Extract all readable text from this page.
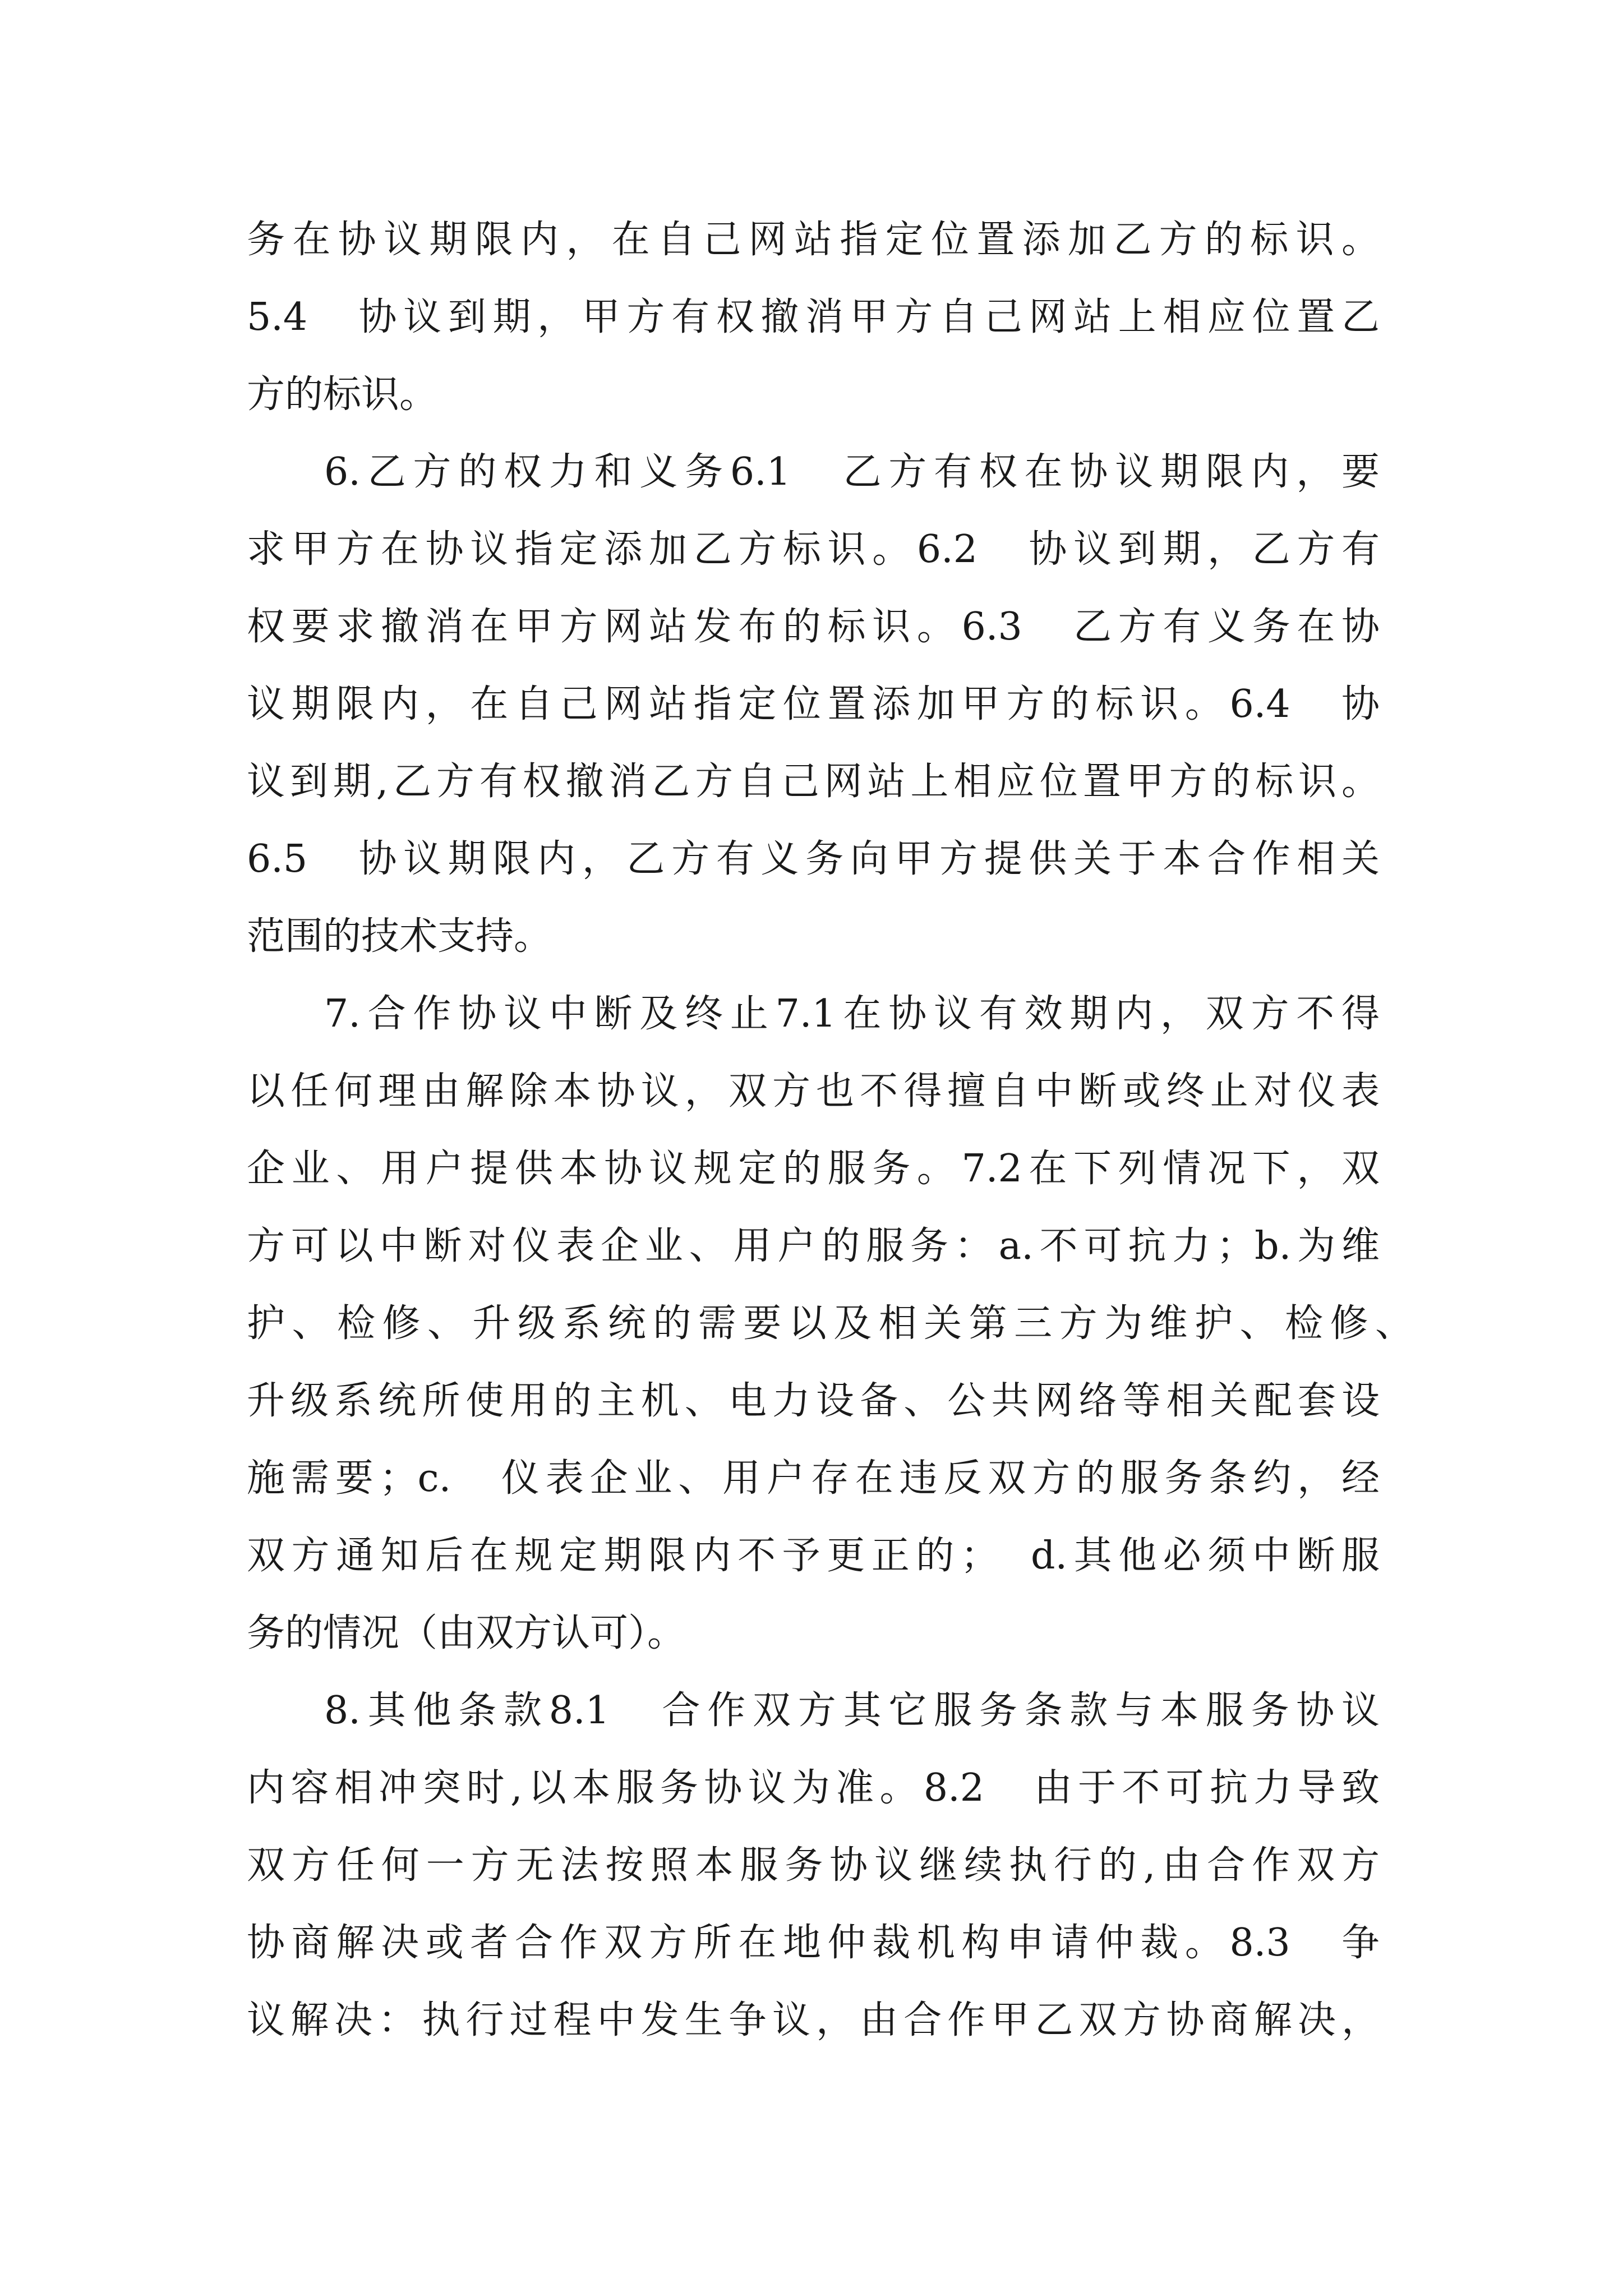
务在协议期限内，在自己网站指定位置添加乙方的标识。

5.4　协议到期，甲方有权撤消甲方自己网站上相应位置乙

方的标识。

6.乙方的权力和义务6.1　乙方有权在协议期限内，要

求甲方在协议指定添加乙方标识。6.2　协议到期，乙方有

权要求撤消在甲方网站发布的标识。6.3　乙方有义务在协

议期限内，在自己网站指定位置添加甲方的标识。6.4　协

议到期,乙方有权撤消乙方自己网站上相应位置甲方的标识。

6.5　协议期限内，乙方有义务向甲方提供关于本合作相关

范围的技术支持。

7.合作协议中断及终止7.1在协议有效期内，双方不得

以任何理由解除本协议，双方也不得擅自中断或终止对仪表

企业、用户提供本协议规定的服务。7.2在下列情况下，双

方可以中断对仪表企业、用户的服务：a.不可抗力；b.为维

护、检修、升级系统的需要以及相关第三方为维护、检修、

升级系统所使用的主机、电力设备、公共网络等相关配套设

施需要；c.　仪表企业、用户存在违反双方的服务条约，经

双方通知后在规定期限内不予更正的；　d.其他必须中断服

务的情况（由双方认可）。

8.其他条款8.1　合作双方其它服务条款与本服务协议

内容相冲突时,以本服务协议为准。8.2　由于不可抗力导致

双方任何一方无法按照本服务协议继续执行的,由合作双方

协商解决或者合作双方所在地仲裁机构申请仲裁。8.3　争

议解决：执行过程中发生争议，由合作甲乙双方协商解决，
